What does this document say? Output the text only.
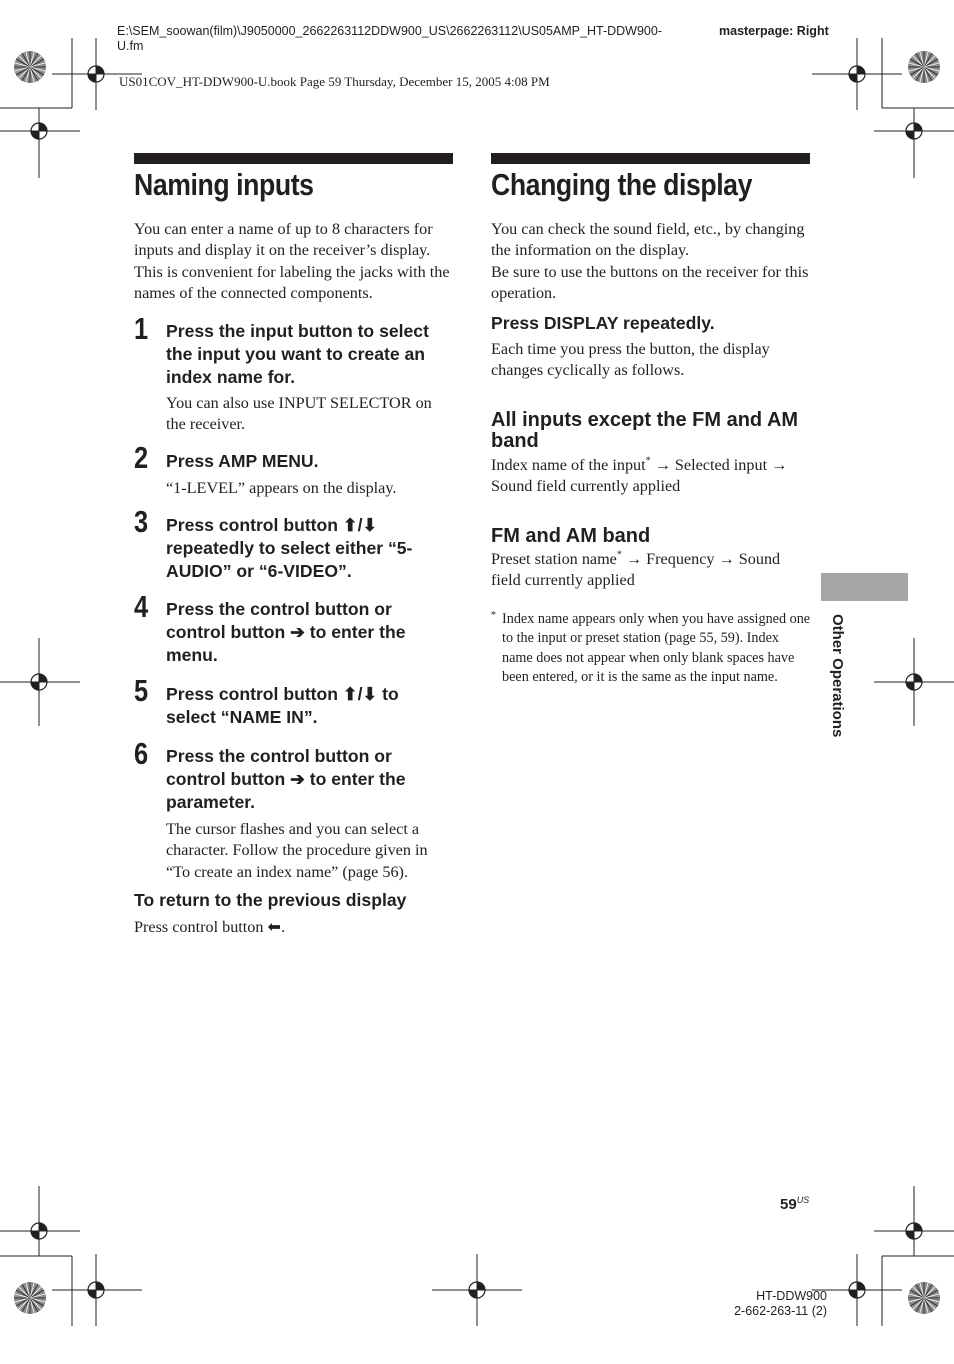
E:\SEM_soowan(film)\J9050000_2662263112DDW900_US\2662263112\US05AMP_HT-DDW900-U.fm
masterpage: Right
US01COV_HT-DDW900-U.book Page 59 Thursday, December 15, 2005 4:08 PM
Naming inputs
You can enter a name of up to 8 characters for inputs and display it on the receiver’s display. This is convenient for labeling the jacks with the names of the connected components.
1 Press the input button to select the input you want to create an index name for.
You can also use INPUT SELECTOR on the receiver.
2 Press AMP MENU.
“1-LEVEL” appears on the display.
3 Press control button ⬆/⬇ repeatedly to select either “5-AUDIO” or “6-VIDEO”.
4 Press the control button or control button ➔ to enter the menu.
5 Press control button ⬆/⬇ to select “NAME IN”.
6 Press the control button or control button ➔ to enter the parameter.
The cursor flashes and you can select a character. Follow the procedure given in “To create an index name” (page 56).
To return to the previous display
Press control button ⬅.
Changing the display
You can check the sound field, etc., by changing the information on the display.
Be sure to use the buttons on the receiver for this operation.
Press DISPLAY repeatedly.
Each time you press the button, the display changes cyclically as follows.
All inputs except the FM and AM band
Index name of the input* → Selected input →
Sound field currently applied
FM and AM band
Preset station name* → Frequency → Sound
field currently applied
* Index name appears only when you have assigned one to the input or preset station (page 55, 59). Index name does not appear when only blank spaces have been entered, or it is the same as the input name.	Other Operations
$59^{US}$
HT-DDW900
2-662-263-11 (2)
